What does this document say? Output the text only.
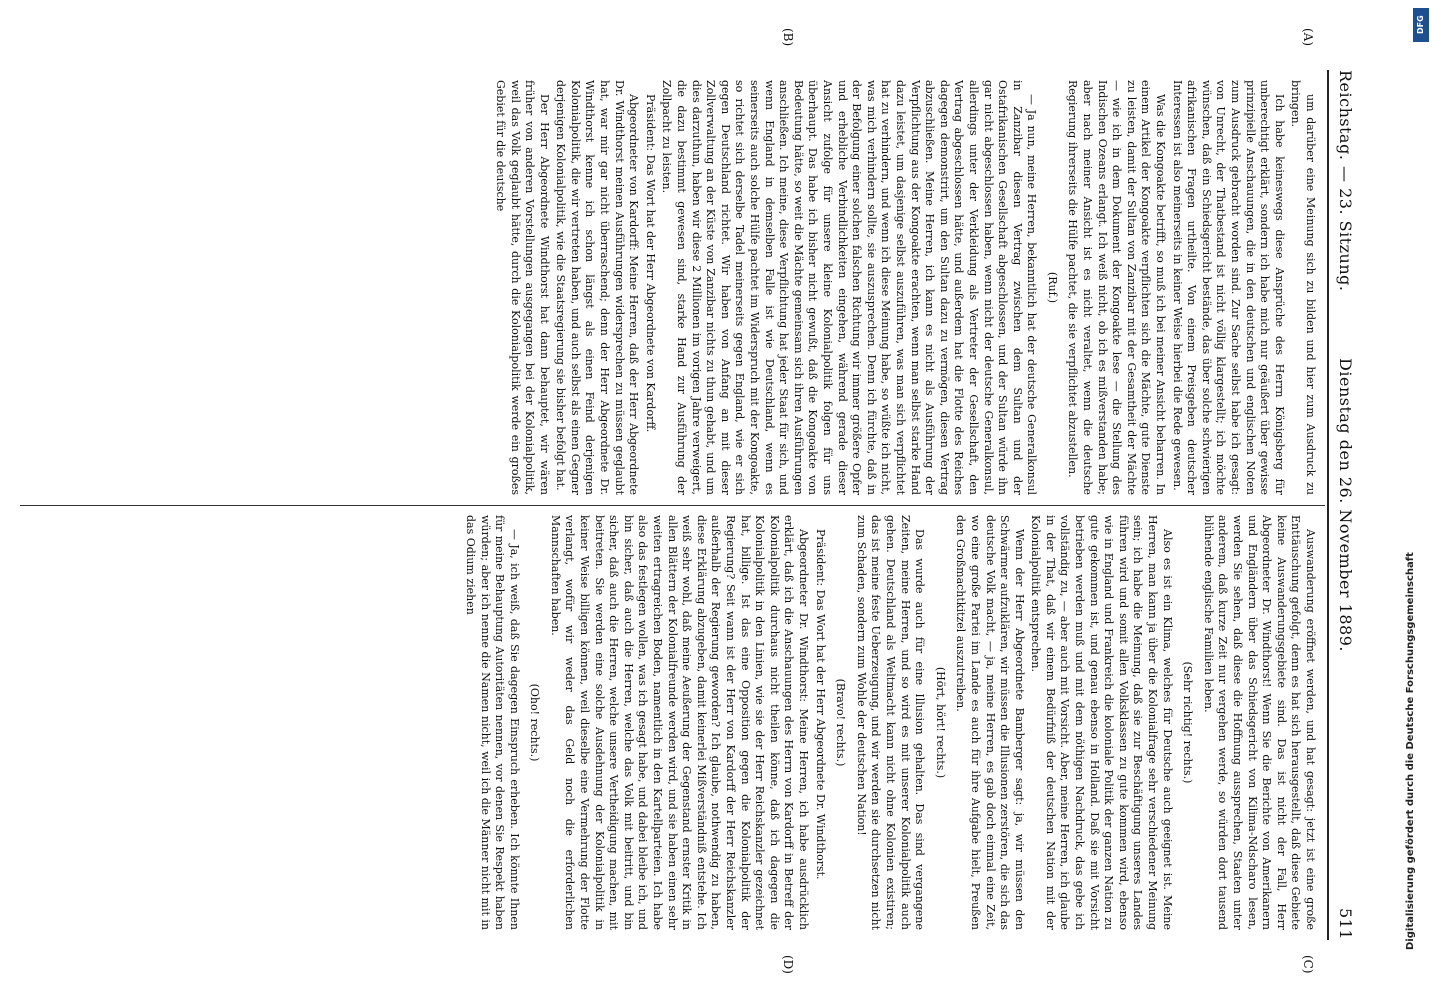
Reichstag. — 23. Sitzung.
Dienstag den 26. November 1889.
511
(A)
(B)
(C)
(D)

um darüber eine Meinung sich zu bilden und hier zum Ausdruck zu bringen.

Ich habe keineswegs diese Ansprüche des Herrn Königsberg für unberechtigt erklärt, sondern ich habe mich nur geäußert über gewisse prinzipielle Anschauungen, die in den deutschen und englischen Noten zum Ausdruck gebracht worden sind. Zur Sache selbst habe ich gesagt: von Unrecht, der Thatbestand ist nicht völlig klargestellt; ich möchte wünschen, daß ein Schiedsgericht bestände, das über solche schwierigen afrikanischen Fragen urtheilte. Von einem Preisgeben deutscher Interessen ist also meinerseits in keiner Weise hierbei die Rede gewesen.

Was die Kongoakte betrifft, so muß ich bei meiner Ansicht beharren. In einem Artikel der Kongoakte verpflichten sich die Mächte, gute Dienste zu leisten, damit der Sultan von Zanzibar mit der Gesamtheit der Mächte — wie ich in dem Dokument der Kongoakte lese — die Stellung des Indischen Ozeans erlangt. Ich weiß nicht, ob ich es mißverstanden habe; aber nach meiner Ansicht ist es nicht veraltet, wenn die deutsche Regierung ihrerseits die Hülfe pachtet, die sie verpflichtet abzustellen.

(Ruf.)

— Ja nun, meine Herren, bekanntlich hat der deutsche Generalkonsul in Zanzibar diesen Vertrag zwischen dem Sultan und der Ostafrikanischen Gesellschaft abgeschlossen, und der Sultan würde ihn gar nicht abgeschlossen haben, wenn nicht der deutsche Generalkonsul, allerdings unter der Verkleidung als Vertreter der Gesellschaft, den Vertrag abgeschlossen hätte, und außerdem hat die Flotte des Reiches dagegen demonstrirt, um den Sultan dazu zu vermögen, diesen Vertrag abzuschließen. Meine Herren, ich kann es nicht als Ausführung der Verpflichtung aus der Kongoakte erachten, wenn man selbst starke Hand dazu leistet, um dasjenige selbst auszuführen, was man sich verpflichtet hat zu verhindern, und wenn ich diese Meinung habe, so wüßte ich nicht, was mich verhindern sollte, sie auszusprechen. Denn ich fürchte, daß in der Befolgung einer solchen falschen Richtung wir immer größere Opfer und erhebliche Verbindlichkeiten eingehen, während gerade dieser Ansicht zufolge für unsere kleine Kolonialpolitik folgen für uns überhaupt. Das habe ich bisher nicht gewußt, daß die Kongoakte von Bedeutung hätte, so weit die Mächte gemeinsam sich ihren Ausführungen anschließen. Ich meine, diese Verpflichtung hat jeder Staat für sich, und wenn England in demselben Falle ist wie Deutschland, wenn es seinerseits auch solche Hülfe pachtet im Widerspruch mit der Kongoakte, so richtet sich derselbe Tadel meinerseits gegen England, wie er sich gegen Deutschland richtet. Wir haben von Anfang an mit dieser Zollverwaltung an der Küste von Zanzibar nichts zu thun gehabt, und um dies darzuthun, haben wir diese 2 Millionen im vorigen Jahre verweigert, die dazu bestimmt gewesen sind, starke Hand zur Ausführung der Zollpacht zu leisten.

Präsident: Das Wort hat der Herr Abgeordnete von Kardorff.

Abgeordneter von Kardorff: Meine Herren, daß der Herr Abgeordnete Dr. Windthorst meinen Ausführungen widersprechen zu müssen geglaubt hat, war mir gar nicht überraschend; denn der Herr Abgeordnete Dr. Windthorst kenne ich schon längst als einen Feind derjenigen Kolonialpolitik, die wir vertreten haben, und auch selbst als einen Gegner derjenigen Kolonialpolitik, wie die Staatsregierung sie bisher befolgt hat.

Der Herr Abgeordnete Windthorst hat dann behauptet, wir wären früher von anderen Vorstellungen ausgegangen bei der Kolonialpolitik, weil das Volk geglaubt hätte, durch die Kolonialpolitik werde ein großes Gebiet für die deutsche

Auswanderung eröffnet werden, und hat gesagt: jetzt ist eine große Enttäuschung gefolgt, denn es hat sich herausgestellt, daß diese Gebiete keine Auswanderungsgebiete sind. Das ist nicht der Fall, Herr Abgeordneter Dr. Windthorst! Wenn Sie die Berichte von Amerikanern und Engländern über das Schiedsgericht von Kilima-Ndscharo lesen, werden Sie sehen, daß diese die Hoffnung aussprechen, Staaten unter anderem, daß kurze Zeit nur vergehen werde, so würden dort tausend blühende englische Familien leben.

(Sehr richtig! rechts.)

Also es ist ein Klima, welches für Deutsche auch geeignet ist. Meine Herren, man kann ja über die Kolonialfrage sehr verschiedener Meinung sein; ich habe die Meinung, daß sie zur Beschäftigung unseres Landes führen wird und somit allen Volksklassen zu gute kommen wird, ebenso wie in England und Frankreich die koloniale Politik der ganzen Nation zu gute gekommen ist, und genau ebenso in Holland. Daß sie mit Vorsicht betrieben werden muß und mit dem nöthigen Nachdruck, das gebe ich vollständig zu, — aber auch mit Vorsicht. Aber, meine Herren, ich glaube in der That, daß wir einem Bedürfniß der deutschen Nation mit der Kolonialpolitik entsprechen.

Wenn der Herr Abgeordnete Bamberger sagt: ja, wir müssen den Schwärmer aufzuklären, wir müssen die Illusionen zerstören, die sich das deutsche Volk macht, — ja, meine Herren, es gab doch einmal eine Zeit, wo eine große Partei im Lande es auch für ihre Aufgabe hielt, Preußen den Großmachtkitzel auszutreiben.

(Hört, hört! rechts.)

Das wurde auch für eine Illusion gehalten. Das sind vergangene Zeiten, meine Herren, und so wird es mit unserer Kolonialpolitik auch gehen. Deutschland als Weltmacht kann nicht ohne Kolonien existiren; das ist meine feste Ueberzeugung, und wir werden sie durchsetzen nicht zum Schaden, sondern zum Wohle der deutschen Nation!

(Bravo! rechts.)

Präsident: Das Wort hat der Herr Abgeordnete Dr. Windthorst.

Abgeordneter Dr. Windthorst: Meine Herren, ich habe ausdrücklich erklärt, daß ich die Anschauungen des Herrn von Kardorff in Betreff der Kolonialpolitik durchaus nicht theilen könne, daß ich dagegen die Kolonialpolitik in den Linien, wie sie der Herr Reichskanzler gezeichnet hat, billige. Ist das eine Opposition gegen die Kolonialpolitik der Regierung? Seit wann ist der Herr von Kardorff der Herr Reichskanzler außerhalb der Regierung geworden? Ich glaube, nothwendig zu haben, diese Erklärung abzugeben, damit keinerlei Mißverständniß entstehe. Ich weiß sehr wohl, daß meine Aeußerung der Gegenstand ernster Kritik in allen Blättern der Kolonialfreunde werden wird, und sie haben einen sehr weiten ertragreichen Boden, namentlich in den Kartellparteien. Ich habe also das festlegen wollen, was ich gesagt habe, und dabei bleibe ich, und bin sicher, daß auch die Herren, welche das Volk mit beitritt, und bin sicher, daß auch die Herren, welche unsere Vertheidigung machen, mit beitreten. Sie werden eine solche Ausdehnung der Kolonialpolitik in keiner Weise billigen können, weil dieselbe eine Vermehrung der Flotte verlangt, wofür wir weder das Geld noch die erforderlichen Mannschaften haben.

(Oho! rechts.)

— Ja, ich weiß, daß Sie dagegen Einspruch erheben. Ich könnte Ihnen für meine Behauptung Autoritäten nennen, vor denen Sie Respekt haben würden; aber ich nenne die Namen nicht, weil ich die Männer nicht mit in das Odium ziehen	Digitalisierung gefördert durch die Deutsche Forschungsgemeinschaft
DFG
